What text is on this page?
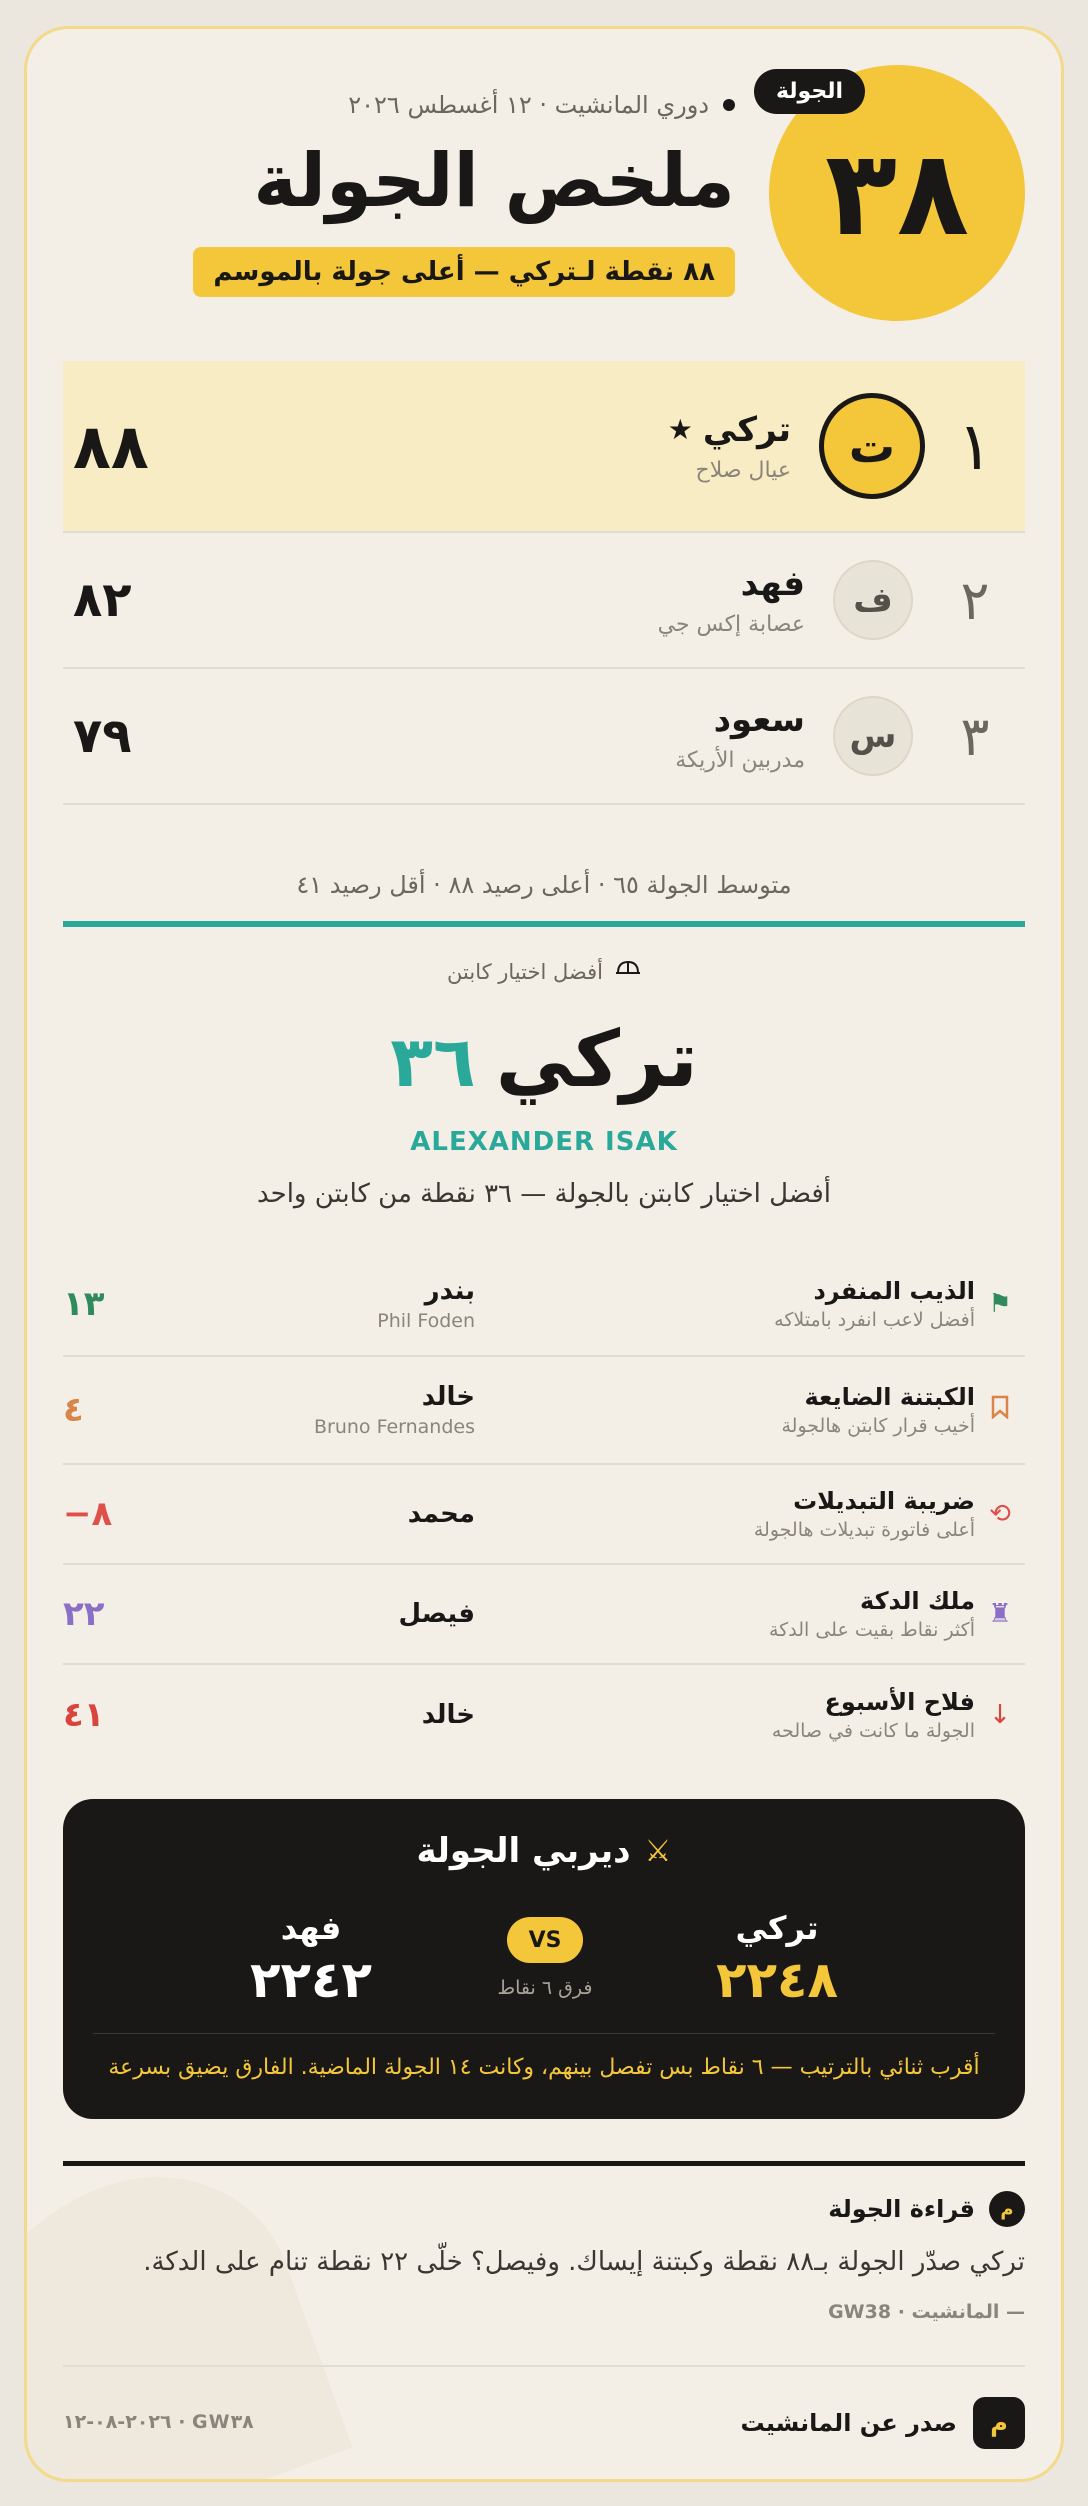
٣٨
الجولة
دوري المانشيت · ١٢ أغسطس ٢٠٢٦
ملخص الجولة
٨٨ نقطة لـتركي — أعلى جولة بالموسم
١
ت
تركي
★
عيال صلاح
٨٨
٢
ف
فهد
عصابة إكس جي
٨٢
٣
س
سعود
مدربين الأريكة
٧٩
متوسط الجولة ٦٥ · أعلى رصيد ٨٨ · أقل رصيد ٤١
أفضل اختيار كابتن
تركي
٣٦
ALEXANDER ISAK
أفضل اختيار كابتن بالجولة — ٣٦ نقطة من كابتن واحد
⚑
الذيب المنفرد
أفضل لاعب انفرد بامتلاكه
بندر
Phil Foden
١٣
الكبتنة الضايعة
أخيب قرار كابتن هالجولة
خالد
Bruno Fernandes
٤
⟲
ضريبة التبديلات
أعلى فاتورة تبديلات هالجولة
محمد
٨−
♜
ملك الدكة
أكثر نقاط بقيت على الدكة
فيصل
٢٢
↓
فلاح الأسبوع
الجولة ما كانت في صالحه
خالد
٤١
⚔
ديربي الجولة
تركي
٢٢٤٨
VS
فرق ٦ نقاط
فهد
٢٢٤٢
أقرب ثنائي بالترتيب — ٦ نقاط بس تفصل بينهم، وكانت ١٤ الجولة الماضية. الفارق يضيق بسرعة
م
قراءة الجولة
تركي صدّر الجولة بـ٨٨ نقطة وكبتنة إيساك. وفيصل؟ خلّى ٢٢ نقطة تنام على الدكة.
— المانشيت · GW38
م
صدر عن المانشيت
GW٣٨ · ٢٠٢٦-٠٨-١٢
